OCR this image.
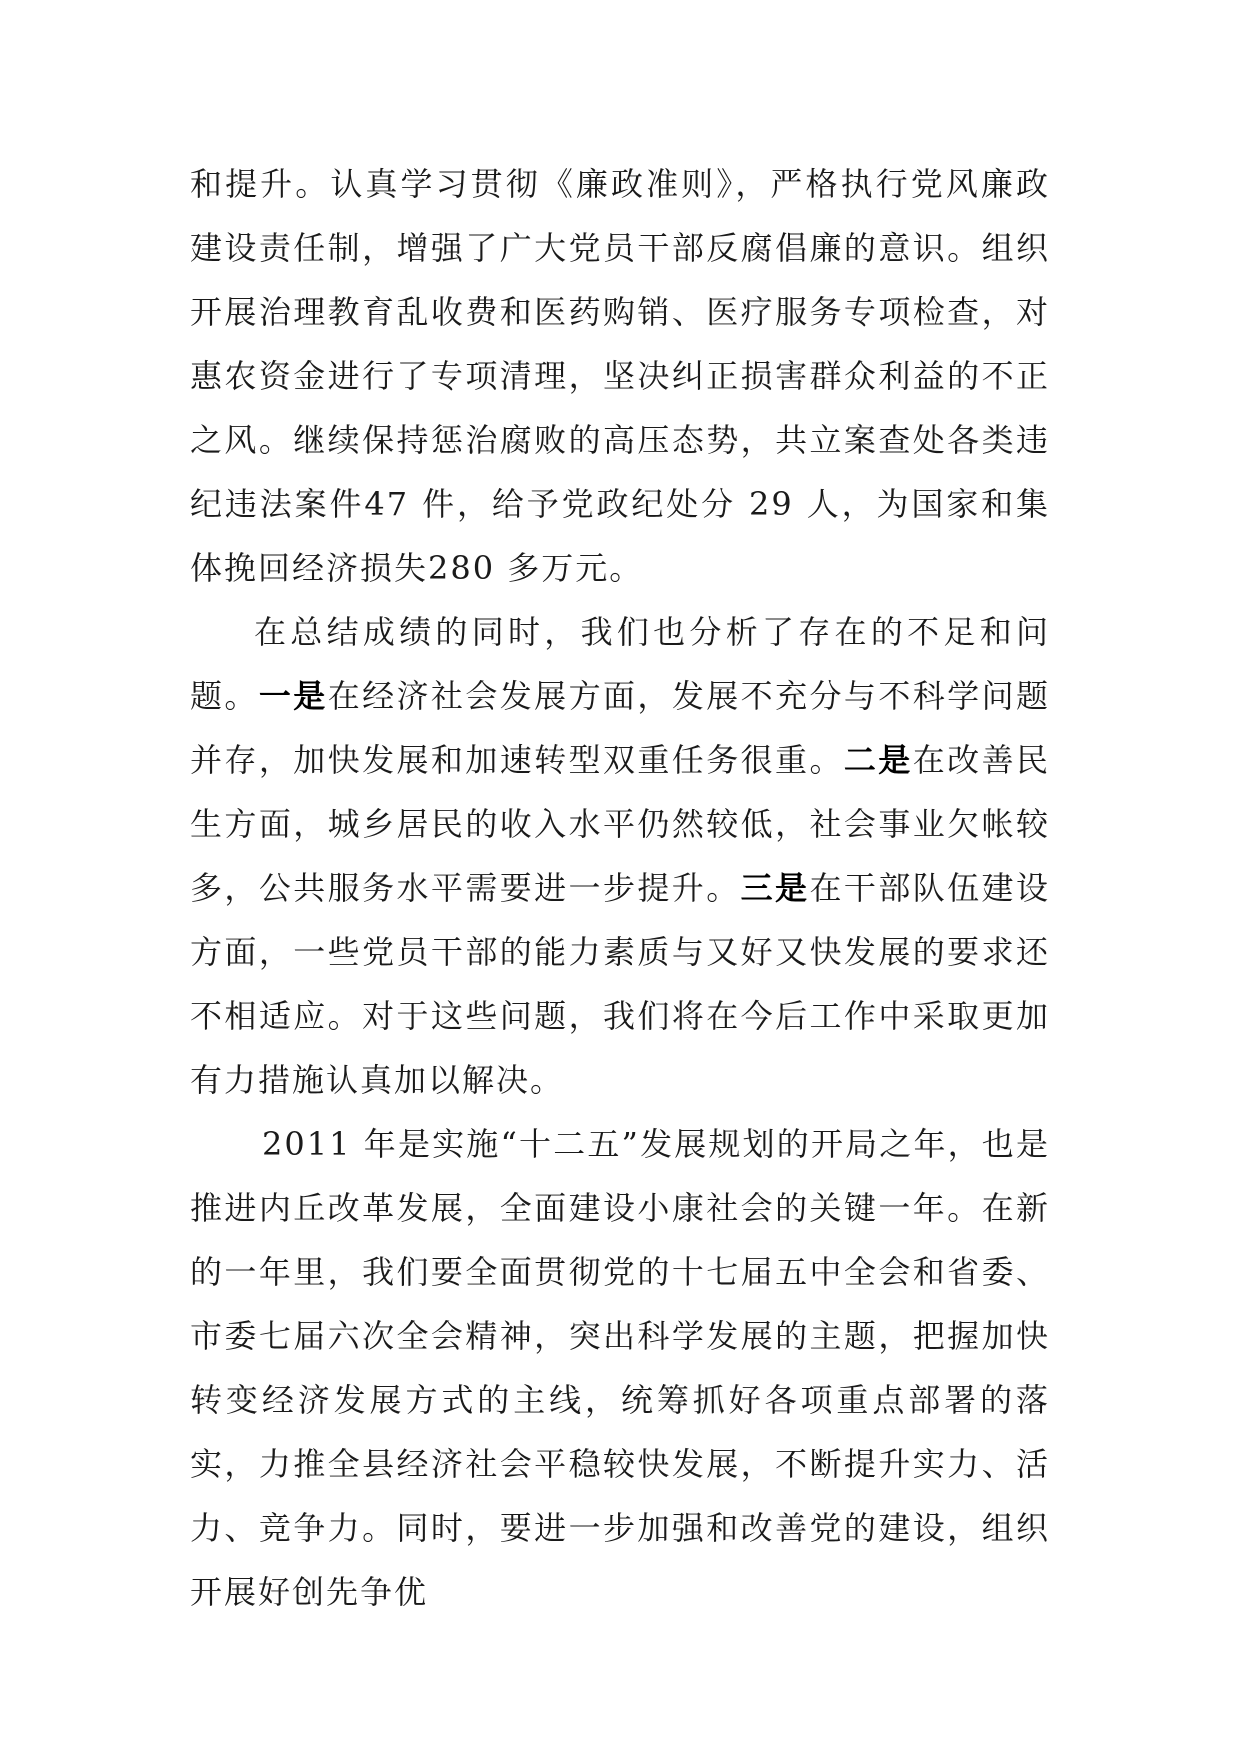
和提升。认真学习贯彻《廉政准则》，严格执行党风廉政建设责任制，增强了广大党员干部反腐倡廉的意识。组织开展治理教育乱收费和医药购销、医疗服务专项检查，对惠农资金进行了专项清理，坚决纠正损害群众利益的不正之风。继续保持惩治腐败的高压态势，共立案查处各类违纪违法案件47 件，给予党政纪处分 29 人，为国家和集体挽回经济损失280 多万元。

在总结成绩的同时，我们也分析了存在的不足和问题。一是在经济社会发展方面，发展不充分与不科学问题并存，加快发展和加速转型双重任务很重。二是在改善民生方面，城乡居民的收入水平仍然较低，社会事业欠帐较多，公共服务水平需要进一步提升。三是在干部队伍建设方面，一些党员干部的能力素质与又好又快发展的要求还不相适应。对于这些问题，我们将在今后工作中采取更加有力措施认真加以解决。

2011 年是实施“十二五”发展规划的开局之年，也是推进内丘改革发展，全面建设小康社会的关键一年。在新的一年里，我们要全面贯彻党的十七届五中全会和省委、市委七届六次全会精神，突出科学发展的主题，把握加快转变经济发展方式的主线，统筹抓好各项重点部署的落实，力推全县经济社会平稳较快发展，不断提升实力、活力、竞争力。同时，要进一步加强和改善党的建设，组织开展好创先争优
